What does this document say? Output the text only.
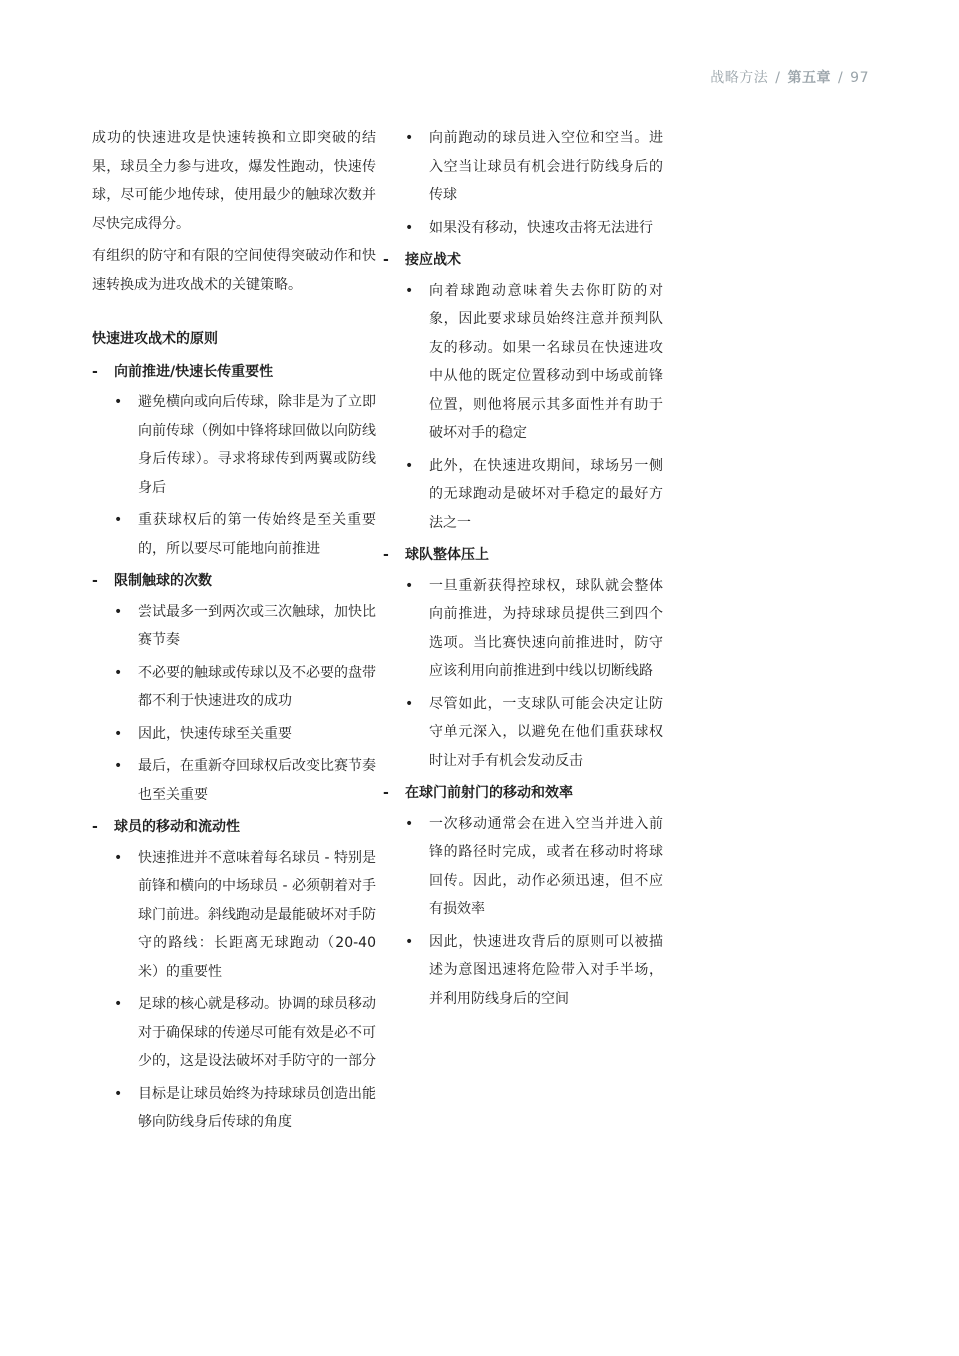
战略方法 / 第五章 / 97

成功的快速进攻是快速转换和立即突破的结果，球员全力参与进攻，爆发性跑动，快速传球，尽可能少地传球，使用最少的触球次数并尽快完成得分。

有组织的防守和有限的空间使得突破动作和快速转换成为进攻战术的关键策略。

快速进攻战术的原则
- 向前推进/快速长传重要性
• 避免横向或向后传球，除非是为了立即向前传球（例如中锋将球回做以向防线身后传球）。寻求将球传到两翼或防线身后
• 重获球权后的第一传始终是至关重要的，所以要尽可能地向前推进
- 限制触球的次数
• 尝试最多一到两次或三次触球，加快比赛节奏
• 不必要的触球或传球以及不必要的盘带都不利于快速进攻的成功
• 因此，快速传球至关重要
• 最后，在重新夺回球权后改变比赛节奏也至关重要
- 球员的移动和流动性
• 快速推进并不意味着每名球员 - 特别是前锋和横向的中场球员 - 必须朝着对手球门前进。斜线跑动是最能破坏对手防守的路线：长距离无球跑动（20-40 米）的重要性
• 足球的核心就是移动。协调的球员移动对于确保球的传递尽可能有效是必不可少的，这是设法破坏对手防守的一部分
• 目标是让球员始终为持球球员创造出能够向防线身后传球的角度
• 向前跑动的球员进入空位和空当。进入空当让球员有机会进行防线身后的传球
• 如果没有移动，快速攻击将无法进行
- 接应战术
• 向着球跑动意味着失去你盯防的对象，因此要求球员始终注意并预判队友的移动。如果一名球员在快速进攻中从他的既定位置移动到中场或前锋位置，则他将展示其多面性并有助于破坏对手的稳定
• 此外，在快速进攻期间，球场另一侧的无球跑动是破坏对手稳定的最好方法之一
- 球队整体压上
• 一旦重新获得控球权，球队就会整体向前推进，为持球球员提供三到四个选项。当比赛快速向前推进时，防守应该利用向前推进到中线以切断线路
• 尽管如此，一支球队可能会决定让防守单元深入，以避免在他们重获球权时让对手有机会发动反击
- 在球门前射门的移动和效率
• 一次移动通常会在进入空当并进入前锋的路径时完成，或者在移动时将球回传。因此，动作必须迅速，但不应有损效率
• 因此，快速进攻背后的原则可以被描述为意图迅速将危险带入对手半场，并利用防线身后的空间
